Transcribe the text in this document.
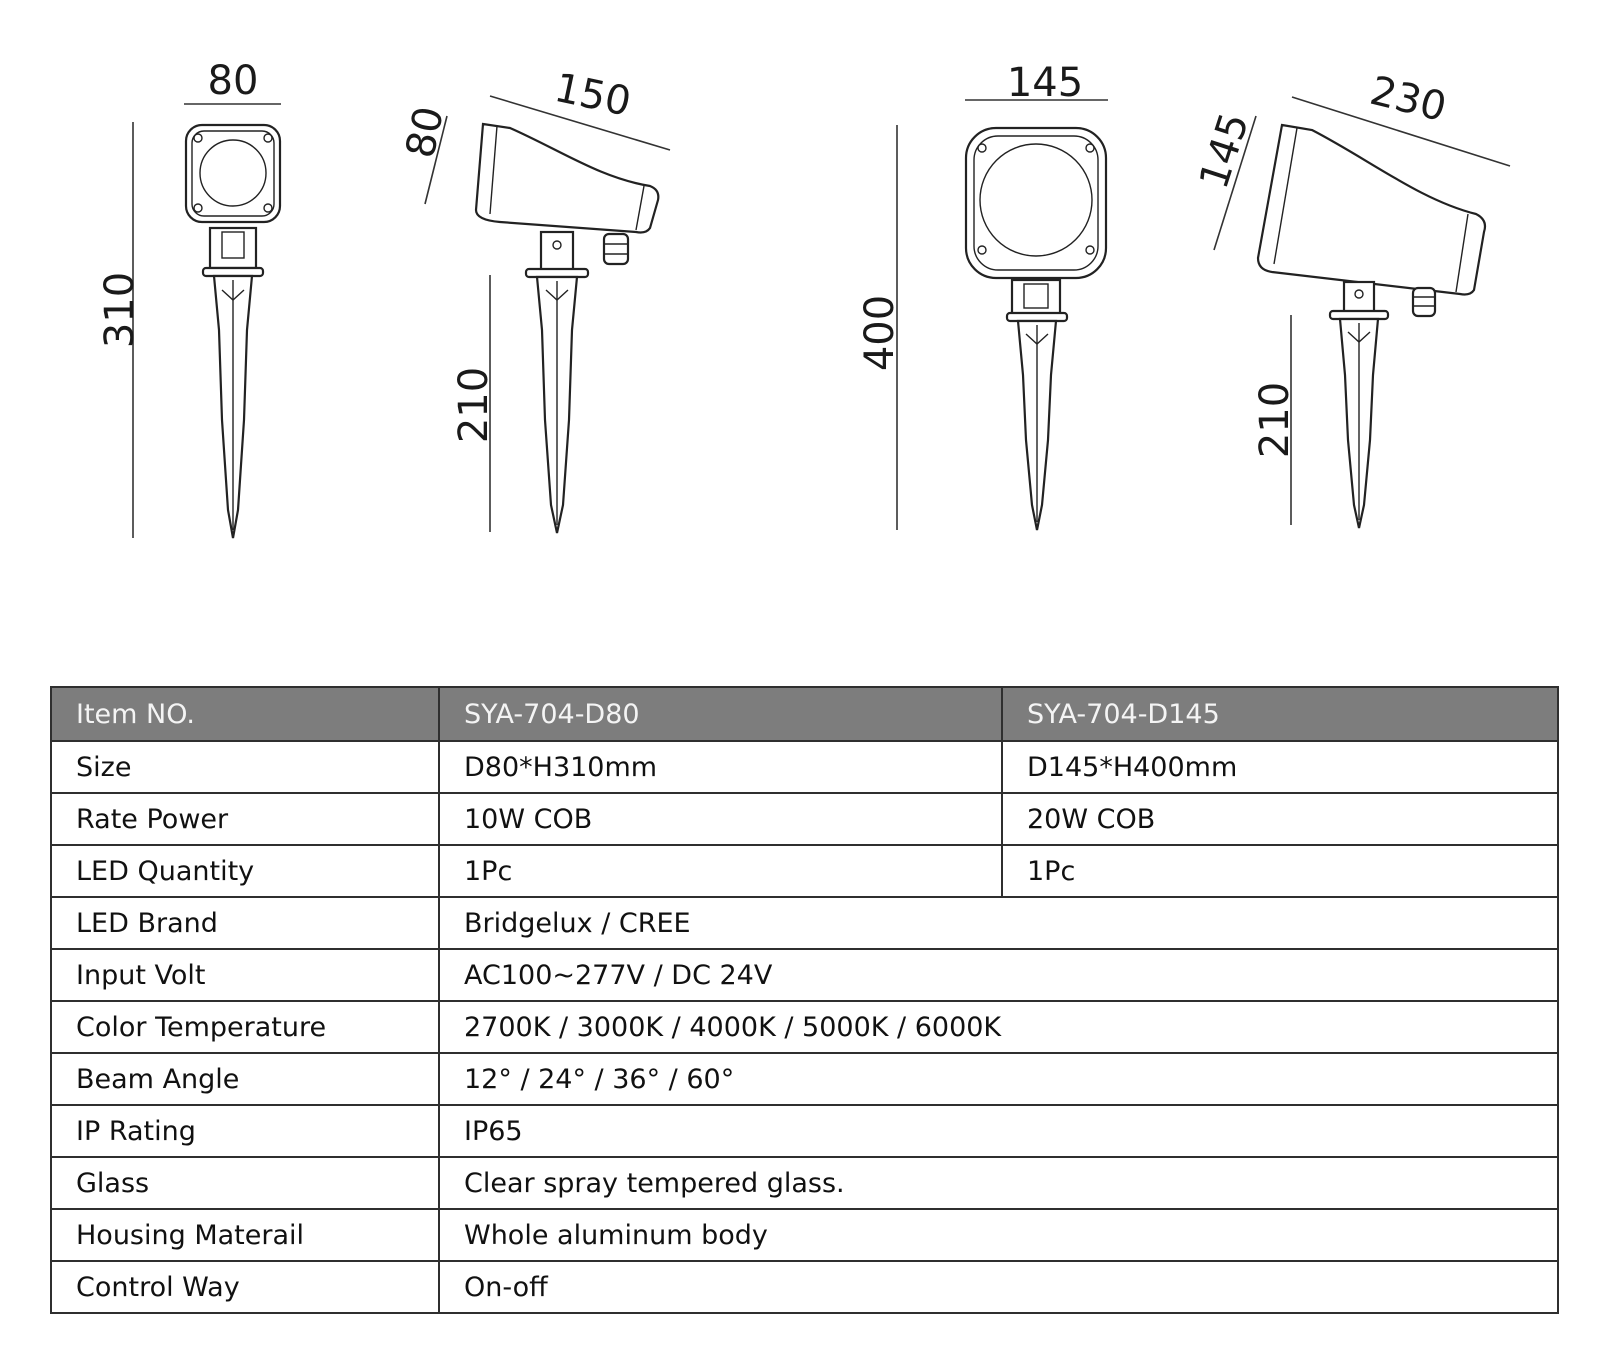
80
310
150
80
210
145
400
230
145
210
Item NO.	SYA-704-D80	SYA-704-D145
Size	D80*H310mm	D145*H400mm
Rate Power	10W COB	20W COB
LED Quantity	1Pc	1Pc
LED Brand	Bridgelux / CREE	
Input Volt	AC100~277V / DC 24V	
Color Temperature	2700K / 3000K / 4000K / 5000K / 6000K	
Beam Angle	12° / 24° / 36° / 60°	
IP Rating	IP65	
Glass	Clear spray tempered glass.	
Housing Materail	Whole aluminum body	
Control Way	On-off	
